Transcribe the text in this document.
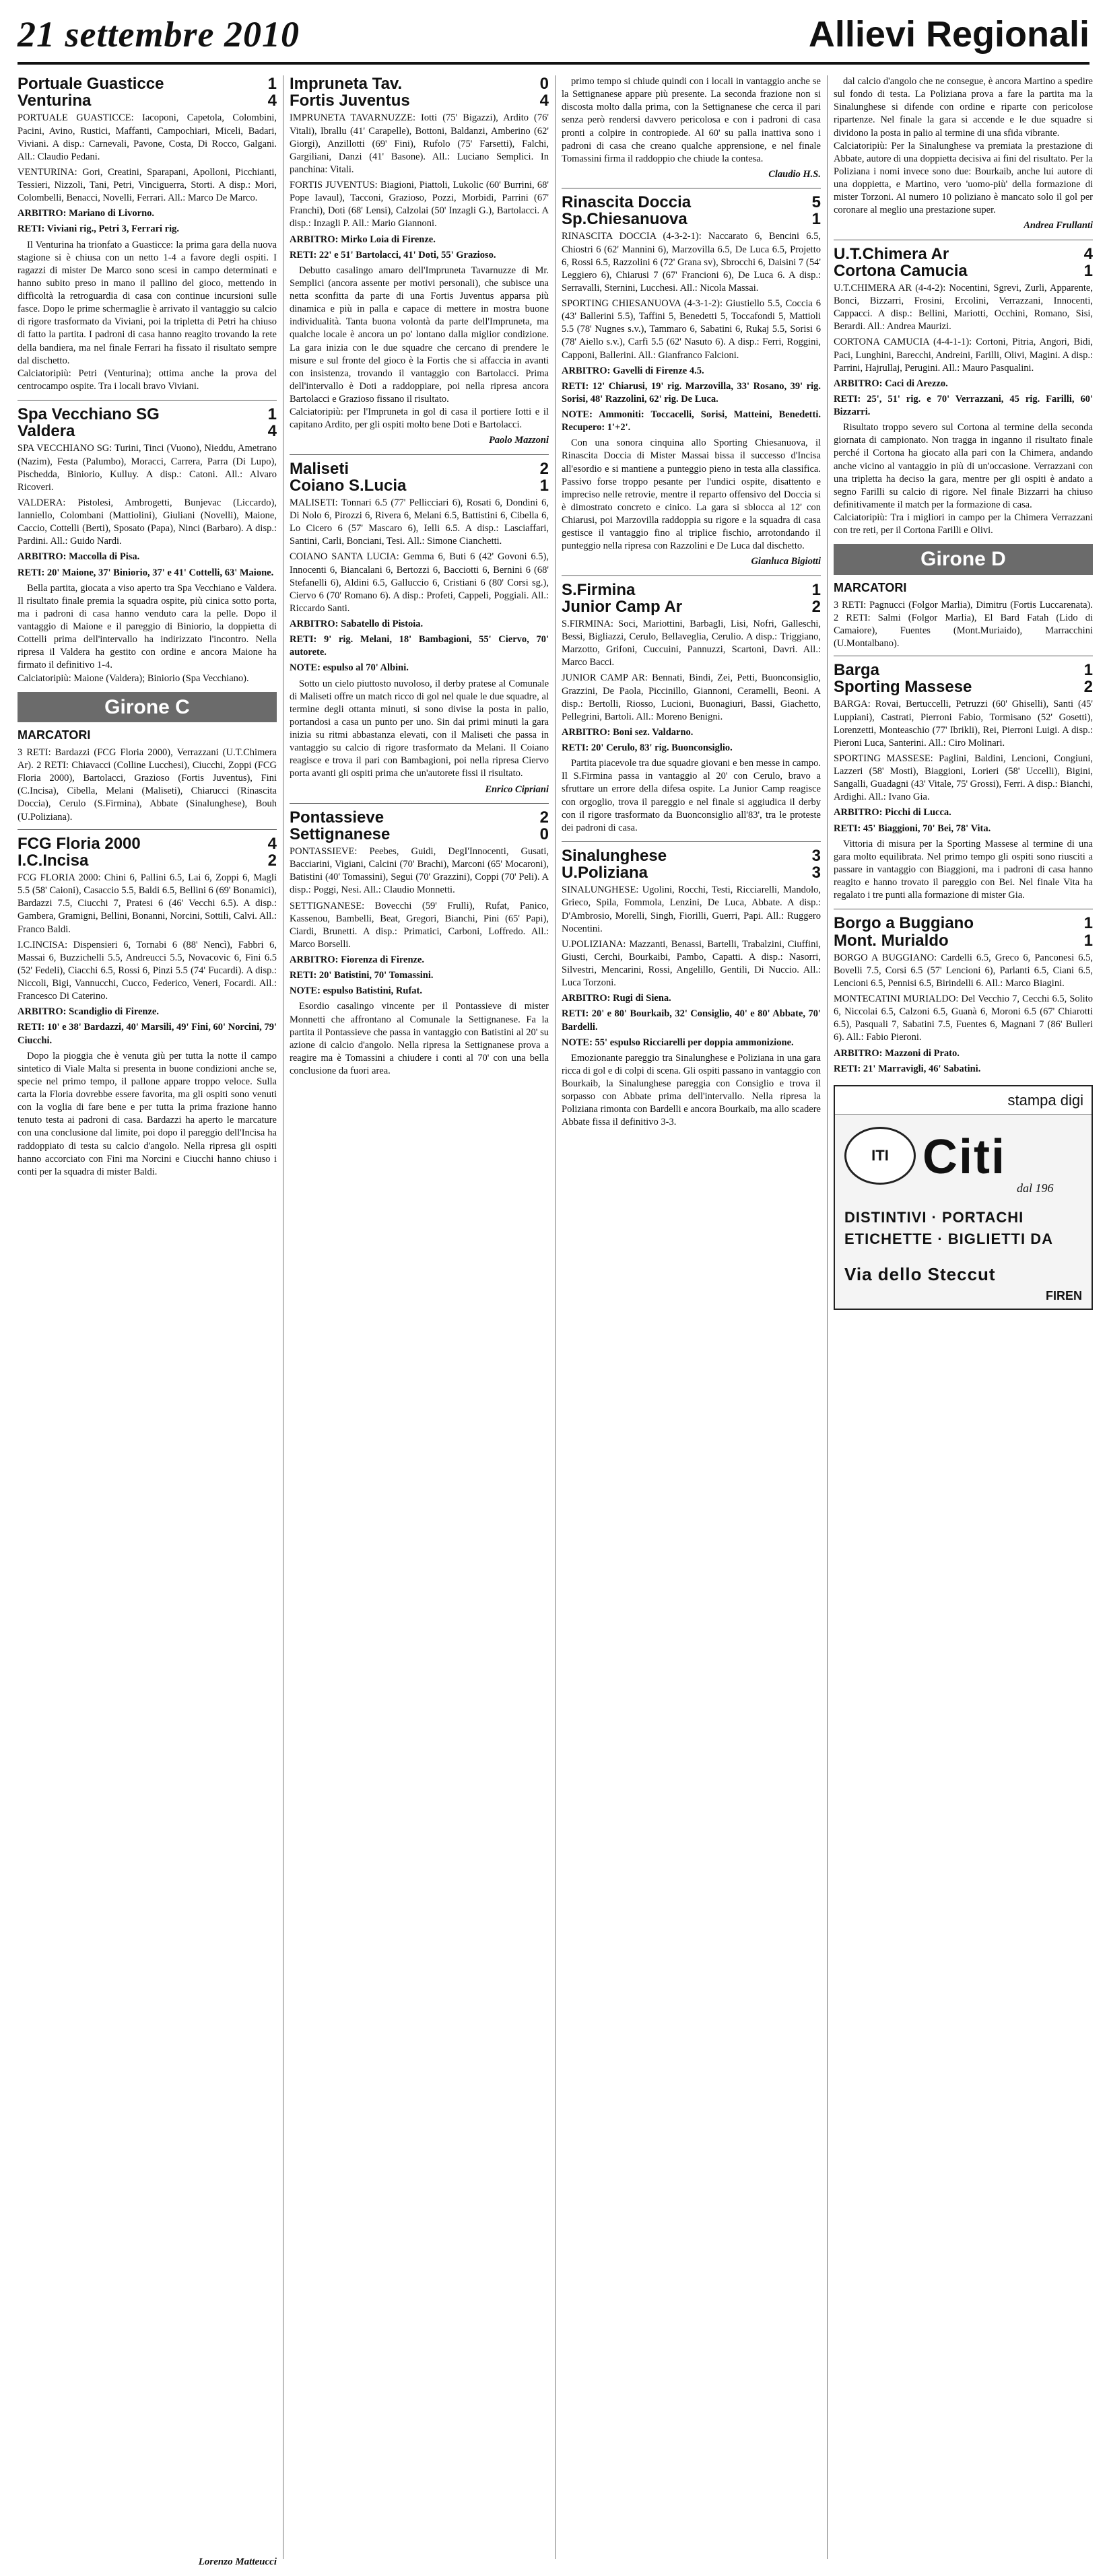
21 settembre 2010	Allievi Regionali
Portuale Guasticce	1
Venturina	4

PORTUALE GUASTICCE: Iacoponi, Capetola, Colombini, Pacini, Avino, Rustici, Maffanti, Campochiari, Miceli, Badari, Viviani. A disp.: Carnevali, Pavone, Costa, Di Rocco, Galgani. All.: Claudio Pedani.

VENTURINA: Gori, Creatini, Sparapani, Apolloni, Picchianti, Tessieri, Nizzoli, Tani, Petri, Vinciguerra, Storti. A disp.: Mori, Colombelli, Benacci, Novelli, Ferrari. All.: Marco De Marco.

ARBITRO: Mariano di Livorno.

RETI: Viviani rig., Petri 3, Ferrari rig.

Il Venturina ha trionfato a Guasticce: la prima gara della nuova stagione si è chiusa con un netto 1-4 a favore degli ospiti. I ragazzi di mister De Marco sono scesi in campo determinati e hanno subito preso in mano il pallino del gioco, mettendo in difficoltà la retroguardia di casa con continue incursioni sulle fasce. Dopo le prime schermaglie è arrivato il vantaggio su calcio di rigore trasformato da Viviani, poi la tripletta di Petri ha chiuso di fatto la partita. I padroni di casa hanno reagito trovando la rete della bandiera, ma nel finale Ferrari ha fissato il risultato sempre dal dischetto.

Calciatoripiù: Petri (Venturina); ottima anche la prova del centrocampo ospite. Tra i locali bravo Viviani.

Spa Vecchiano SG	1
Valdera	4

SPA VECCHIANO SG: Turini, Tinci (Vuono), Nieddu, Ametrano (Nazim), Festa (Palumbo), Moracci, Carrera, Parra (Di Lupo), Pischedda, Biniorio, Kulluy. A disp.: Catoni. All.: Alvaro Ricoveri.

VALDERA: Pistolesi, Ambrogetti, Bunjevac (Liccardo), Ianniello, Colombani (Mattiolini), Giuliani (Novelli), Maione, Caccio, Cottelli (Berti), Sposato (Papa), Ninci (Barbaro). A disp.: Pardini. All.: Guido Nardi.

ARBITRO: Maccolla di Pisa.

RETI: 20' Maione, 37' Biniorio, 37' e 41' Cottelli, 63' Maione.

Bella partita, giocata a viso aperto tra Spa Vecchiano e Valdera. Il risultato finale premia la squadra ospite, più cinica sotto porta, ma i padroni di casa hanno venduto cara la pelle. Dopo il vantaggio di Maione e il pareggio di Biniorio, la doppietta di Cottelli prima dell'intervallo ha indirizzato l'incontro. Nella ripresa il Valdera ha gestito con ordine e ancora Maione ha firmato il definitivo 1-4.

Calciatoripiù: Maione (Valdera); Biniorio (Spa Vecchiano).

Girone C
MARCATORI

3 RETI: Bardazzi (FCG Floria 2000), Verrazzani (U.T.Chimera Ar). 2 RETI: Chiavacci (Colline Lucchesi), Ciucchi, Zoppi (FCG Floria 2000), Bartolacci, Grazioso (Fortis Juventus), Fini (C.Incisa), Cibella, Melani (Maliseti), Chiarucci (Rinascita Doccia), Cerulo (S.Firmina), Abbate (Sinalunghese), Bouh (U.Poliziana).

FCG Floria 2000	4
I.C.Incisa	2

FCG FLORIA 2000: Chini 6, Pallini 6.5, Lai 6, Zoppi 6, Magli 5.5 (58' Caioni), Casaccio 5.5, Baldi 6.5, Bellini 6 (69' Bonamici), Bardazzi 7.5, Ciucchi 7, Pratesi 6 (46' Vecchi 6.5). A disp.: Gambera, Gramigni, Bellini, Bonanni, Norcini, Sottili, Calvi. All.: Franco Baldi.

I.C.INCISA: Dispensieri 6, Tornabi 6 (88' Nencì), Fabbri 6, Massai 6, Buzzichelli 5.5, Andreucci 5.5, Novacovic 6, Fini 6.5 (52' Fedeli), Ciacchi 6.5, Rossi 6, Pinzi 5.5 (74' Fucardi). A disp.: Niccoli, Bigi, Vannucchi, Cucco, Federico, Veneri, Focardi. All.: Francesco Di Caterino.

ARBITRO: Scandiglio di Firenze.

RETI: 10' e 38' Bardazzi, 40' Marsili, 49' Fini, 60' Norcini, 79' Ciucchi.

Dopo la pioggia che è venuta giù per tutta la notte il campo sintetico di Viale Malta si presenta in buone condizioni anche se, specie nel primo tempo, il pallone appare troppo veloce. Sulla carta la Floria dovrebbe essere favorita, ma gli ospiti sono venuti con la voglia di fare bene e per tutta la prima frazione hanno tenuto testa ai padroni di casa. Bardazzi ha aperto le marcature con una conclusione dal limite, poi dopo il pareggio dell'Incisa ha raddoppiato di testa su calcio d'angolo. Nella ripresa gli ospiti hanno accorciato con Fini ma Norcini e Ciucchi hanno chiuso i conti per la squadra di mister Baldi.

Lorenzo Matteucci
Impruneta Tav.	0
Fortis Juventus	4

IMPRUNETA TAVARNUZZE: Iotti (75' Bigazzi), Ardito (76' Vitali), Ibrallu (41' Carapelle), Bottoni, Baldanzi, Amberino (62' Giorgi), Anzillotti (69' Fini), Rufolo (75' Farsetti), Falchi, Gargiliani, Danzi (41' Basone). All.: Luciano Semplici. In panchina: Vitali.

FORTIS JUVENTUS: Biagioni, Piattoli, Lukolic (60' Burrini, 68' Pope Iavaul), Tacconi, Grazioso, Pozzi, Morbidi, Parrini (67' Franchi), Doti (68' Lensi), Calzolai (50' Inzagli G.), Bartolacci. A disp.: Inzagli P. All.: Mario Giannoni.

ARBITRO: Mirko Loia di Firenze.

RETI: 22' e 51' Bartolacci, 41' Doti, 55' Grazioso.

Debutto casalingo amaro dell'Impruneta Tavarnuzze di Mr. Semplici (ancora assente per motivi personali), che subisce una netta sconfitta da parte di una Fortis Juventus apparsa più dinamica e più in palla e capace di mettere in mostra buone individualità. Tanta buona volontà da parte dell'Impruneta, ma qualche locale è ancora un po' lontano dalla miglior condizione. La gara inizia con le due squadre che cercano di prendere le misure e sul fronte del gioco è la Fortis che si affaccia in avanti con insistenza, trovando il vantaggio con Bartolacci. Prima dell'intervallo è Doti a raddoppiare, poi nella ripresa ancora Bartolacci e Grazioso fissano il risultato.

Calciatoripiù: per l'Impruneta in gol di casa il portiere Iotti e il capitano Ardito, per gli ospiti molto bene Doti e Bartolacci.

Paolo Mazzoni
Maliseti	2
Coiano S.Lucia	1

MALISETI: Tonnari 6.5 (77' Pellicciari 6), Rosati 6, Dondini 6, Di Nolo 6, Pirozzi 6, Rivera 6, Melani 6.5, Battistini 6, Cibella 6, Lo Cicero 6 (57' Mascaro 6), Ielli 6.5. A disp.: Lasciaffari, Santini, Carli, Bonciani, Tesi. All.: Simone Cianchetti.

COIANO SANTA LUCIA: Gemma 6, Buti 6 (42' Govoni 6.5), Innocenti 6, Biancalani 6, Bertozzi 6, Bacciotti 6, Bernini 6 (68' Stefanelli 6), Aldini 6.5, Galluccio 6, Cristiani 6 (80' Corsi sg.), Ciervo 6 (70' Romano 6). A disp.: Profeti, Cappeli, Poggiali. All.: Riccardo Santi.

ARBITRO: Sabatello di Pistoia.

RETI: 9' rig. Melani, 18' Bambagioni, 55' Ciervo, 70' autorete.

NOTE: espulso al 70' Albini.

Sotto un cielo piuttosto nuvoloso, il derby pratese al Comunale di Maliseti offre un match ricco di gol nel quale le due squadre, al termine degli ottanta minuti, si sono divise la posta in palio, portandosi a casa un punto per uno. Sin dai primi minuti la gara inizia su ritmi abbastanza elevati, con il Maliseti che passa in vantaggio su calcio di rigore trasformato da Melani. Il Coiano reagisce e trova il pari con Bambagioni, poi nella ripresa Ciervo porta avanti gli ospiti prima che un'autorete fissi il risultato.

Enrico Cipriani
Pontassieve	2
Settignanese	0

PONTASSIEVE: Peebes, Guidi, DegI'Innocenti, Gusati, Bacciarini, Vigiani, Calcini (70' Brachi), Marconi (65' Mocaroni), Batistini (40' Tomassini), Segui (70' Grazzini), Coppi (70' Peli). A disp.: Poggi, Nesi. All.: Claudio Monnetti.

SETTIGNANESE: Bovecchi (59' Frulli), Rufat, Panico, Kassenou, Bambelli, Beat, Gregori, Bianchi, Pini (65' Papi), Ciardi, Brunetti. A disp.: Primatici, Carboni, Loffredo. All.: Marco Borselli.

ARBITRO: Fiorenza di Firenze.

RETI: 20' Batistini, 70' Tomassini.

NOTE: espulso Batistini, Rufat.

Esordio casalingo vincente per il Pontassieve di mister Monnetti che affrontano al Comunale la Settignanese. Fa la partita il Pontassieve che passa in vantaggio con Batistini al 20' su azione di calcio d'angolo. Nella ripresa la Settignanese prova a reagire ma è Tomassini a chiudere i conti al 70' con una bella conclusione da fuori area.

primo tempo si chiude quindi con i locali in vantaggio anche se la Settignanese appare più presente. La seconda frazione non si discosta molto dalla prima, con la Settignanese che cerca il pari senza però rendersi davvero pericolosa e con i padroni di casa pronti a colpire in contropiede. Al 60' su palla inattiva sono i padroni di casa che creano qualche apprensione, e nel finale Tomassini firma il raddoppio che chiude la contesa.

Claudio H.S.
Rinascita Doccia	5
Sp.Chiesanuova	1

RINASCITA DOCCIA (4-3-2-1): Naccarato 6, Bencini 6.5, Chiostri 6 (62' Mannini 6), Marzovilla 6.5, De Luca 6.5, Projetto 6, Rossi 6.5, Razzolini 6 (72' Grana sv), Sbrocchi 6, Daisini 7 (54' Leggiero 6), Chiarusi 7 (67' Francioni 6), De Luca 6. A disp.: Serravalli, Sternini, Lucchesi. All.: Nicola Massai.

SPORTING CHIESANUOVA (4-3-1-2): Giustiello 5.5, Coccia 6 (43' Ballerini 5.5), Taffini 5, Benedetti 5, Toccafondi 5, Mattioli 5.5 (78' Nugnes s.v.), Tammaro 6, Sabatini 6, Rukaj 5.5, Sorisi 6 (78' Aiello s.v.), Carfi 5.5 (62' Nasuto 6). A disp.: Ferri, Roggini, Capponi, Ballerini. All.: Gianfranco Falcioni.

ARBITRO: Gavelli di Firenze 4.5.

RETI: 12' Chiarusi, 19' rig. Marzovilla, 33' Rosano, 39' rig. Sorisi, 48' Razzolini, 62' rig. De Luca.

NOTE: Ammoniti: Toccacelli, Sorisi, Matteini, Benedetti. Recupero: 1'+2'.

Con una sonora cinquina allo Sporting Chiesanuova, il Rinascita Doccia di Mister Massai bissa il successo d'Incisa all'esordio e si mantiene a punteggio pieno in testa alla classifica. Passivo forse troppo pesante per l'undici ospite, disattento e impreciso nelle retrovie, mentre il reparto offensivo del Doccia si è dimostrato concreto e cinico. La gara si sblocca al 12' con Chiarusi, poi Marzovilla raddoppia su rigore e la squadra di casa gestisce il vantaggio fino al triplice fischio, arrotondando il punteggio nella ripresa con Razzolini e De Luca dal dischetto.

Gianluca Bigiotti
S.Firmina	1
Junior Camp Ar	2

S.FIRMINA: Soci, Mariottini, Barbagli, Lisi, Nofri, Galleschi, Bessi, Bigliazzi, Cerulo, Bellaveglia, Cerulio. A disp.: Triggiano, Marzotto, Grifoni, Cuccuini, Pannuzzi, Scartoni, Davri. All.: Marco Bacci.

JUNIOR CAMP AR: Bennati, Bindi, Zei, Petti, Buonconsiglio, Grazzini, De Paola, Piccinillo, Giannoni, Ceramelli, Beoni. A disp.: Bertolli, Riosso, Lucioni, Buonagiuri, Bassi, Giachetto, Pellegrini, Bartoli. All.: Moreno Benigni.

ARBITRO: Boni sez. Valdarno.

RETI: 20' Cerulo, 83' rig. Buonconsiglio.

Partita piacevole tra due squadre giovani e ben messe in campo. Il S.Firmina passa in vantaggio al 20' con Cerulo, bravo a sfruttare un errore della difesa ospite. La Junior Camp reagisce con orgoglio, trova il pareggio e nel finale si aggiudica il derby con il rigore trasformato da Buonconsiglio all'83', tra le proteste dei padroni di casa.

Sinalunghese	3
U.Poliziana	3

SINALUNGHESE: Ugolini, Rocchi, Testi, Ricciarelli, Mandolo, Grieco, Spila, Fommola, Lenzini, De Luca, Abbate. A disp.: D'Ambrosio, Morelli, Singh, Fiorilli, Guerri, Papi. All.: Ruggero Nocentini.

U.POLIZIANA: Mazzanti, Benassi, Bartelli, Trabalzini, Ciuffini, Giusti, Cerchi, Bourkaibi, Pambo, Capatti. A disp.: Nasorri, Silvestri, Mencarini, Rossi, Angelillo, Gentili, Di Nuccio. All.: Luca Torzoni.

ARBITRO: Rugi di Siena.

RETI: 20' e 80' Bourkaib, 32' Consiglio, 40' e 80' Abbate, 70' Bardelli.

NOTE: 55' espulso Ricciarelli per doppia ammonizione.

Emozionante pareggio tra Sinalunghese e Poliziana in una gara ricca di gol e di colpi di scena. Gli ospiti passano in vantaggio con Bourkaib, la Sinalunghese pareggia con Consiglio e trova il sorpasso con Abbate prima dell'intervallo. Nella ripresa la Poliziana rimonta con Bardelli e ancora Bourkaib, ma allo scadere Abbate fissa il definitivo 3-3.

dal calcio d'angolo che ne consegue, è ancora Martino a spedire sul fondo di testa. La Poliziana prova a fare la partita ma la Sinalunghese si difende con ordine e riparte con pericolose ripartenze. Nel finale la gara si accende e le due squadre si dividono la posta in palio al termine di una sfida vibrante.

Calciatoripiù: Per la Sinalunghese va premiata la prestazione di Abbate, autore di una doppietta decisiva ai fini del risultato. Per la Poliziana i nomi invece sono due: Bourkaib, anche lui autore di una doppietta, e Martino, vero 'uomo-più' della formazione di mister Torzoni. Al numero 10 poliziano è mancato solo il gol per coronare al meglio una prestazione super.

Andrea Frullanti
U.T.Chimera Ar	4
Cortona Camucia	1

U.T.CHIMERA AR (4-4-2): Nocentini, Sgrevi, Zurli, Apparente, Bonci, Bizzarri, Frosini, Ercolini, Verrazzani, Innocenti, Cappacci. A disp.: Bellini, Mariotti, Occhini, Romano, Sisi, Berardi. All.: Andrea Maurizi.

CORTONA CAMUCIA (4-4-1-1): Cortoni, Pitria, Angori, Bidi, Paci, Lunghini, Barecchi, Andreini, Farilli, Olivi, Magini. A disp.: Parrini, Hajrullaj, Perugini. All.: Mauro Pasqualini.

ARBITRO: Caci di Arezzo.

RETI: 25', 51' rig. e 70' Verrazzani, 45 rig. Farilli, 60' Bizzarri.

Risultato troppo severo sul Cortona al termine della seconda giornata di campionato. Non tragga in inganno il risultato finale perché il Cortona ha giocato alla pari con la Chimera, andando anche vicino al vantaggio in più di un'occasione. Verrazzani con una tripletta ha deciso la gara, mentre per gli ospiti è andato a segno Farilli su calcio di rigore. Nel finale Bizzarri ha chiuso definitivamente il match per la formazione di casa.

Calciatoripiù: Tra i migliori in campo per la Chimera Verrazzani con tre reti, per il Cortona Farilli e Olivi.

Girone D
MARCATORI

3 RETI: Pagnucci (Folgor Marlia), Dimitru (Fortis Luccarenata). 2 RETI: Salmi (Folgor Marlia), El Bard Fatah (Lido di Camaiore), Fuentes (Mont.Muriaido), Marracchini (U.Montalbano).

Barga	1
Sporting Massese	2

BARGA: Rovai, Bertuccelli, Petruzzi (60' Ghiselli), Santi (45' Luppiani), Castrati, Pierroni Fabio, Tormisano (52' Gosetti), Lorenzetti, Monteaschio (77' Ibrikli), Rei, Pierroni Luigi. A disp.: Pieroni Luca, Santerini. All.: Ciro Molinari.

SPORTING MASSESE: Paglini, Baldini, Lencioni, Congiuni, Lazzeri (58' Mosti), Biaggioni, Lorieri (58' Uccelli), Bigini, Sangalli, Guadagni (43' Vitale, 75' Grossi), Ferri. A disp.: Bianchi, Ardighi. All.: Ivano Gia.

ARBITRO: Picchi di Lucca.

RETI: 45' Biaggioni, 70' Bei, 78' Vita.

Vittoria di misura per la Sporting Massese al termine di una gara molto equilibrata. Nel primo tempo gli ospiti sono riusciti a passare in vantaggio con Biaggioni, ma i padroni di casa hanno reagito e hanno trovato il pareggio con Bei. Nel finale Vita ha regalato i tre punti alla formazione di mister Gia.

Borgo a Buggiano	1
Mont. Murialdo	1

BORGO A BUGGIANO: Cardelli 6.5, Greco 6, Panconesi 6.5, Bovelli 7.5, Corsi 6.5 (57' Lencioni 6), Parlanti 6.5, Ciani 6.5, Lencioni 6.5, Pennisi 6.5, Birindelli 6. All.: Marco Biagini.

MONTECATINI MURIALDO: Del Vecchio 7, Cecchi 6.5, Solito 6, Niccolai 6.5, Calzoni 6.5, Guanà 6, Moroni 6.5 (67' Chiarotti 6.5), Pasquali 7, Sabatini 7.5, Fuentes 6, Magnani 7 (86' Bulleri 6). All.: Fabio Pieroni.

ARBITRO: Mazzoni di Prato.

RETI: 21' Marravigli, 46' Sabatini.

stampa digi
ITI Citi
dal 196
DISTINTIVI · PORTACHI
ETICHETTE · BIGLIETTI DA
Via dello Steccut
FIREN
